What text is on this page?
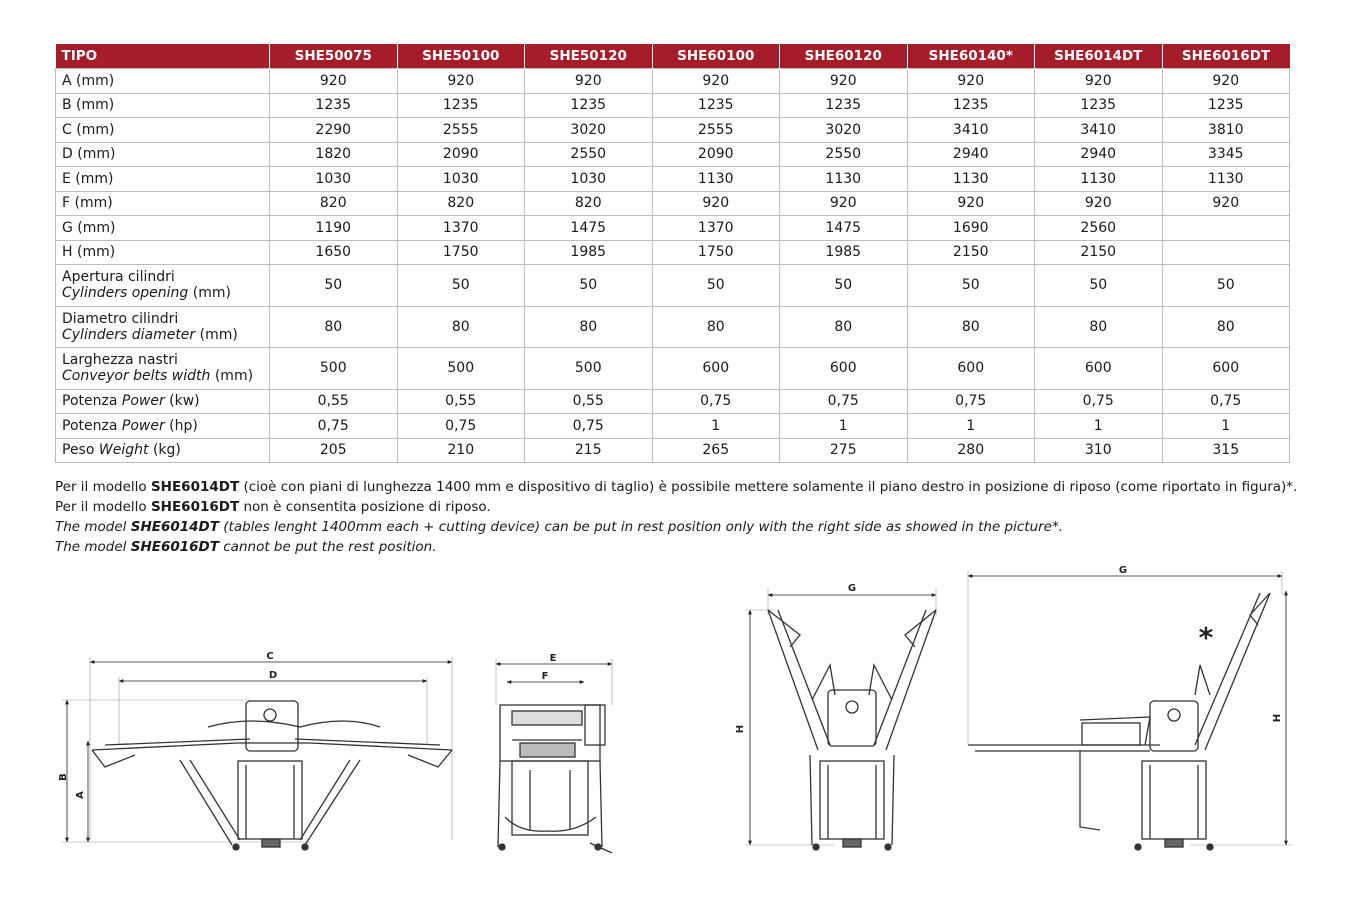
TIPO	SHE50075	SHE50100	SHE50120	SHE60100	SHE60120	SHE60140*	SHE6014DT	SHE6016DT
A (mm)	920	920	920	920	920	920	920	920
B (mm)	1235	1235	1235	1235	1235	1235	1235	1235
C (mm)	2290	2555	3020	2555	3020	3410	3410	3810
D (mm)	1820	2090	2550	2090	2550	2940	2940	3345
E (mm)	1030	1030	1030	1130	1130	1130	1130	1130
F (mm)	820	820	820	920	920	920	920	920
G (mm)	1190	1370	1475	1370	1475	1690	2560	
H (mm)	1650	1750	1985	1750	1985	2150	2150	

Apertura cilindri
Cylinders opening (mm)	50	50	50	50	50	50	50	50

Diametro cilindri
Cylinders diameter (mm)	80	80	80	80	80	80	80	80

Larghezza nastri
Conveyor belts width (mm)	500	500	500	600	600	600	600	600
Potenza Power (kw)	0,55	0,55	0,55	0,75	0,75	0,75	0,75	0,75
Potenza Power (hp)	0,75	0,75	0,75	1	1	1	1	1
Peso Weight (kg)	205	210	215	265	275	280	310	315
Per il modello SHE6014DT (cioè con piani di lunghezza 1400 mm e dispositivo di taglio) è possibile mettere solamente il piano destro in posizione di riposo (come riportato in figura)*.
Per il modello SHE6016DT non è consentita posizione di riposo.
The model SHE6014DT (tables lenght 1400mm each + cutting device) can be put in rest position only with the right side as showed in the picture*.
The model SHE6016DT cannot be put the rest position.
C
D
B
A
E
F
G
H
G
H
*
